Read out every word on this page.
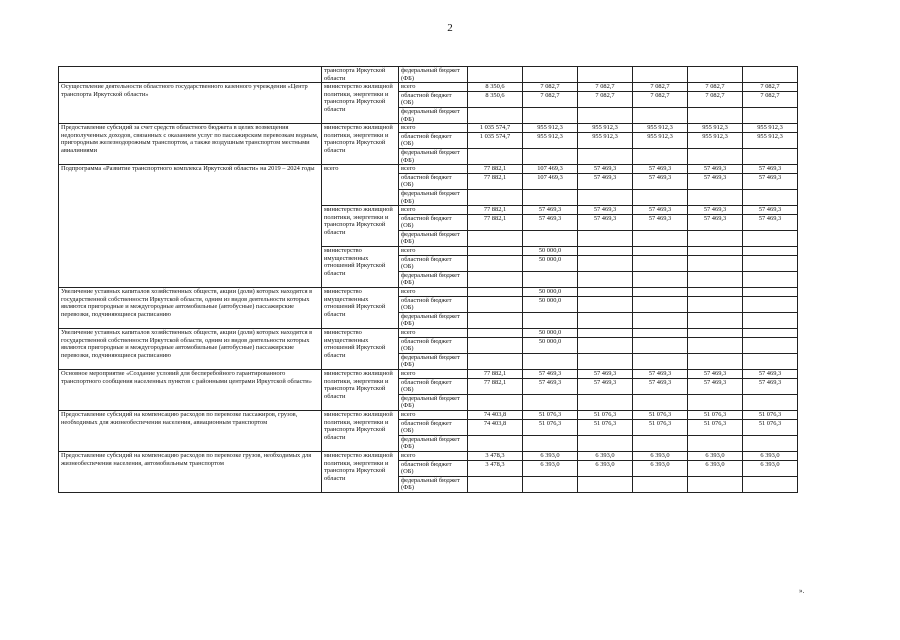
2
	транспорта Иркутской области	федеральный бюджет (ФБ)						
Осуществление деятельности областного государственного казенного учреждения «Центр транспорта Иркутской области»	министерство жилищной политики, энергетики и транспорта Иркутской области	всего	8 350,6	7 082,7	7 082,7	7 082,7	7 082,7	7 082,7
		областной бюджет (ОБ)	8 350,6	7 082,7	7 082,7	7 082,7	7 082,7	7 082,7
		федеральный бюджет (ФБ)						
Предоставление субсидий за счет средств областного бюджета в целях возмещения недополученных доходов, связанных с оказанием услуг по пассажирским перевозкам водным, пригородным железнодорожным транспортом, а также воздушным транспортом местными авиалиниями	министерство жилищной политики, энергетики и транспорта Иркутской области	всего	1 035 574,7	955 912,3	955 912,3	955 912,3	955 912,3	955 912,3
		областной бюджет (ОБ)	1 035 574,7	955 912,3	955 912,3	955 912,3	955 912,3	955 912,3
		федеральный бюджет (ФБ)						
Подпрограмма «Развитие транспортного комплекса Иркутской области» на 2019 – 2024 годы	всего	всего	77 882,1	107 469,3	57 469,3	57 469,3	57 469,3	57 469,3
		областной бюджет (ОБ)	77 882,1	107 469,3	57 469,3	57 469,3	57 469,3	57 469,3
		федеральный бюджет (ФБ)						
	министерство жилищной политики, энергетики и транспорта Иркутской области	всего	77 882,1	57 469,3	57 469,3	57 469,3	57 469,3	57 469,3
		областной бюджет (ОБ)	77 882,1	57 469,3	57 469,3	57 469,3	57 469,3	57 469,3
		федеральный бюджет (ФБ)						
	министерство имущественных отношений Иркутской области	всего		50 000,0				
		областной бюджет (ОБ)		50 000,0				
		федеральный бюджет (ФБ)						
Увеличение уставных капиталов хозяйственных обществ, акции (доли) которых находятся в государственной собственности Иркутской области, одним из видов деятельности которых являются пригородные и междугородные автомобильные (автобусные) пассажирские перевозки, подчиняющиеся расписанию	министерство имущественных отношений Иркутской области	всего		50 000,0				
		областной бюджет (ОБ)		50 000,0				
		федеральный бюджет (ФБ)						
Увеличение уставных капиталов хозяйственных обществ, акции (доли) которых находятся в государственной собственности Иркутской области, одним из видов деятельности которых являются пригородные и междугородные автомобильные (автобусные) пассажирские перевозки, подчиняющиеся расписанию	министерство имущественных отношений Иркутской области	всего		50 000,0				
		областной бюджет (ОБ)		50 000,0				
		федеральный бюджет (ФБ)						
Основное мероприятие «Создание условий для бесперебойного гарантированного транспортного сообщения населенных пунктов с районными центрами Иркутской области»	министерство жилищной политики, энергетики и транспорта Иркутской области	всего	77 882,1	57 469,3	57 469,3	57 469,3	57 469,3	57 469,3
		областной бюджет (ОБ)	77 882,1	57 469,3	57 469,3	57 469,3	57 469,3	57 469,3
		федеральный бюджет (ФБ)						
Предоставление субсидий на компенсацию расходов по перевозке пассажиров, грузов, необходимых для жизнеобеспечения населения, авиационным транспортом	министерство жилищной политики, энергетики и транспорта Иркутской области	всего	74 403,8	51 076,3	51 076,3	51 076,3	51 076,3	51 076,3
		областной бюджет (ОБ)	74 403,8	51 076,3	51 076,3	51 076,3	51 076,3	51 076,3
		федеральный бюджет (ФБ)						
Предоставление субсидий на компенсацию расходов по перевозке грузов, необходимых для жизнеобеспечения населения, автомобильным транспортом	министерство жилищной политики, энергетики и транспорта Иркутской области	всего	3 478,3	6 393,0	6 393,0	6 393,0	6 393,0	6 393,0
		областной бюджет (ОБ)	3 478,3	6 393,0	6 393,0	6 393,0	6 393,0	6 393,0
		федеральный бюджет (ФБ)						
».
